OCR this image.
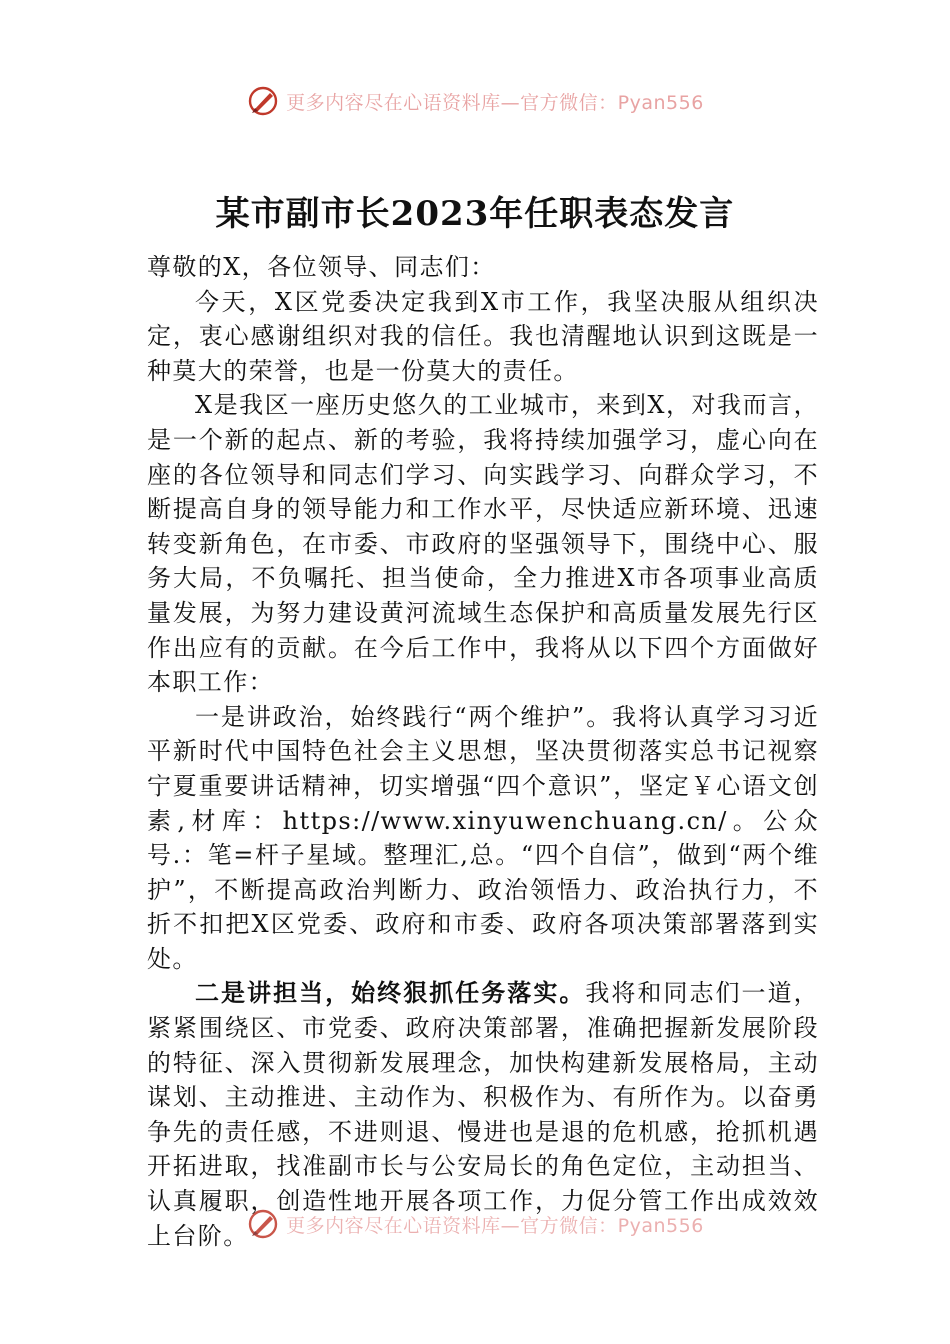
更多内容尽在心语资料库—官方微信：Pyan556
某市副市长2023年任职表态发言

尊敬的X，各位领导、同志们：

今天，X区党委决定我到X市工作，我坚决服从组织决定，衷心感谢组织对我的信任。我也清醒地认识到这既是一种莫大的荣誉，也是一份莫大的责任。

X是我区一座历史悠久的工业城市，来到X，对我而言，是一个新的起点、新的考验，我将持续加强学习，虚心向在座的各位领导和同志们学习、向实践学习、向群众学习，不断提高自身的领导能力和工作水平，尽快适应新环境、迅速转变新角色，在市委、市政府的坚强领导下，围绕中心、服务大局，不负嘱托、担当使命，全力推进X市各项事业高质量发展，为努力建设黄河流域生态保护和高质量发展先行区作出应有的贡献。在今后工作中，我将从以下四个方面做好本职工作：

一是讲政治，始终践行“两个维护”。我将认真学习习近平新时代中国特色社会主义思想，坚决贯彻落实总书记视察宁夏重要讲话精神，切实增强“四个意识”，坚定￥心语文创素,材库：https://www.xinyuwenchuang.cn/。公众号.：笔=杆子星域。整理汇,总。“四个自信”，做到“两个维护”，不断提高政治判断力、政治领悟力、政治执行力，不折不扣把X区党委、政府和市委、政府各项决策部署落到实处。

二是讲担当，始终狠抓任务落实。我将和同志们一道，紧紧围绕区、市党委、政府决策部署，准确把握新发展阶段的特征、深入贯彻新发展理念，加快构建新发展格局，主动谋划、主动推进、主动作为、积极作为、有所作为。以奋勇争先的责任感，不进则退、慢进也是退的危机感，抢抓机遇开拓进取，找准副市长与公安局长的角色定位，主动担当、认真履职，创造性地开展各项工作，力促分管工作出成效效上台阶。	更多内容尽在心语资料库—官方微信：Pyan556
